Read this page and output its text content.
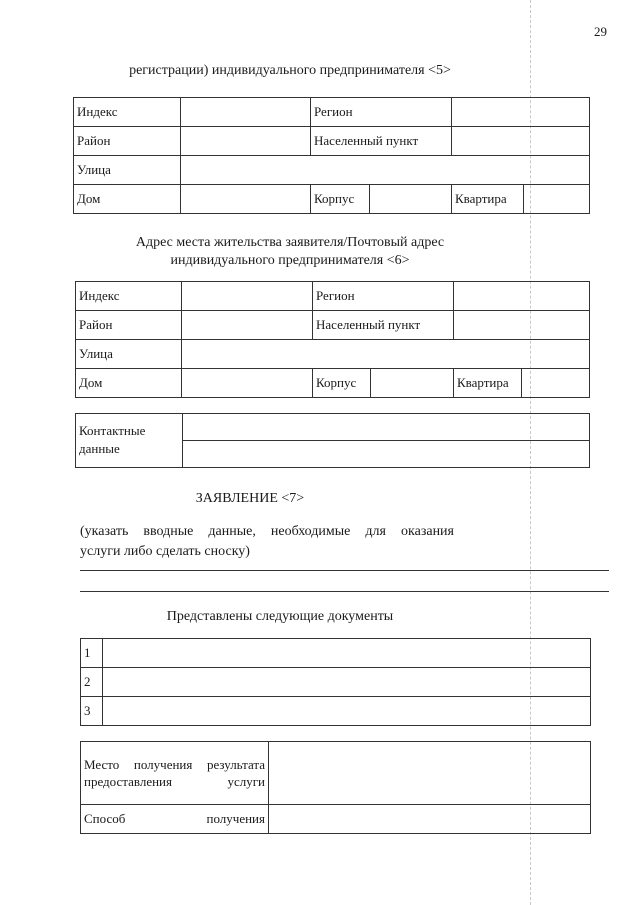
29
регистрации) индивидуального предпринимателя <5>
Индекс		Регион			
Район		Населенный пункт			
Улица					
Дом		Корпус		Квартира	
Адрес места жительства заявителя/Почтовый адрес
индивидуального предпринимателя <6>
Индекс		Регион			
Район		Населенный пункт			
Улица					
Дом		Корпус		Квартира	
Контактные данные	

ЗАЯВЛЕНИЕ <7>
(указать вводные данные, необходимые для оказания
услуги либо сделать сноску)
Представлены следующие документы
1	
2	
3	
Место получения результата предоставления услуги	
Способ получения	
